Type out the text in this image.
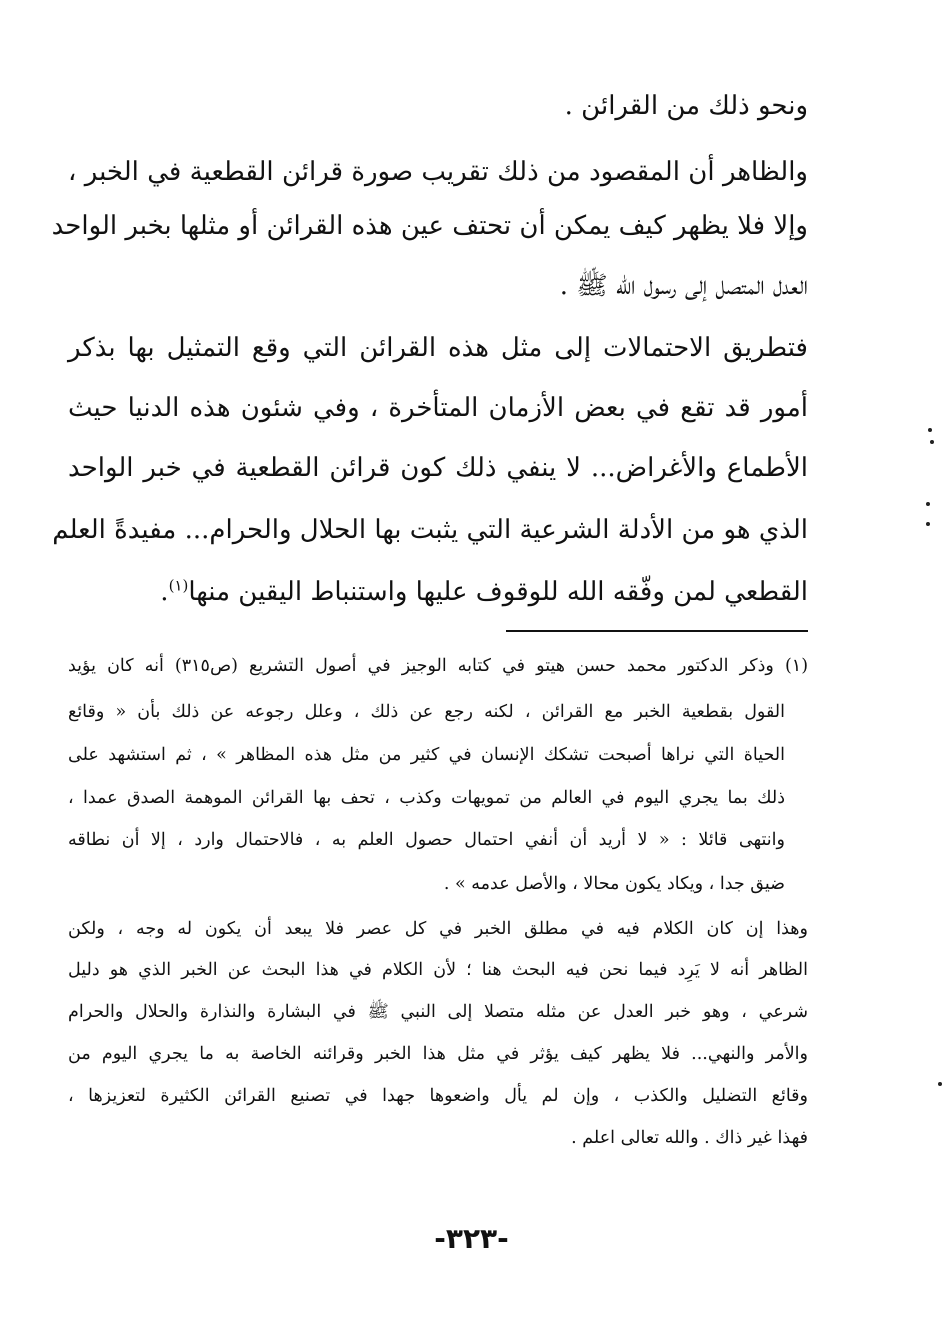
ونحو ذلك من القرائن .

والظاهر أن المقصود من ذلك تقريب صورة قرائن القطعية في الخبر ،

وإلا فلا يظهر كيف يمكن أن تحتف عين هذه القرائن أو مثلها بخبر الواحد

العدل المتصل إلى رسول الله ﷺ .

فتطريق الاحتمالات إلى مثل هذه القرائن التي وقع التمثيل بها بذكر

أمور قد تقع في بعض الأزمان المتأخرة ، وفي شئون هذه الدنيا حيث

الأطماع والأغراض... لا ينفي ذلك كون قرائن القطعية في خبر الواحد

الذي هو من الأدلة الشرعية التي يثبت بها الحلال والحرام... مفيدةً العلم

القطعي لمن وفّقه الله للوقوف عليها واستنباط اليقين منها$^{(١)}$.

(١) وذكر الدكتور محمد حسن هيتو في كتابه الوجيز في أصول التشريع (ص٣١٥) أنه كان يؤيد

القول بقطعية الخبر مع القرائن ، لكنه رجع عن ذلك ، وعلل رجوعه عن ذلك بأن « وقائع

الحياة التي نراها أصبحت تشكك الإنسان في كثير من مثل هذه المظاهر » ، ثم استشهد على

ذلك بما يجري اليوم في العالم من تمويهات وكذب ، تحف بها القرائن الموهمة الصدق عمدا ،

وانتهى قائلا : « لا أريد أن أنفي احتمال حصول العلم به ، فالاحتمال وارد ، إلا أن نطاقه

ضيق جدا ، ويكاد يكون محالا ، والأصل عدمه » .

وهذا إن كان الكلام فيه في مطلق الخبر في كل عصر فلا يبعد أن يكون له وجه ، ولكن

الظاهر أنه لا يَرِد فيما نحن فيه البحث هنا ؛ لأن الكلام في هذا البحث عن الخبر الذي هو دليل

شرعي ، وهو خبر العدل عن مثله متصلا إلى النبي ﷺ في البشارة والنذارة والحلال والحرام

والأمر والنهي... فلا يظهر كيف يؤثر في مثل هذا الخبر وقرائنه الخاصة به ما يجري اليوم من

وقائع التضليل والكذب ، وإن لم يأل واضعوها جهدا في تصنيع القرائن الكثيرة لتعزيزها ،

فهذا غير ذاك . والله تعالى اعلم .

-٣٢٣-
